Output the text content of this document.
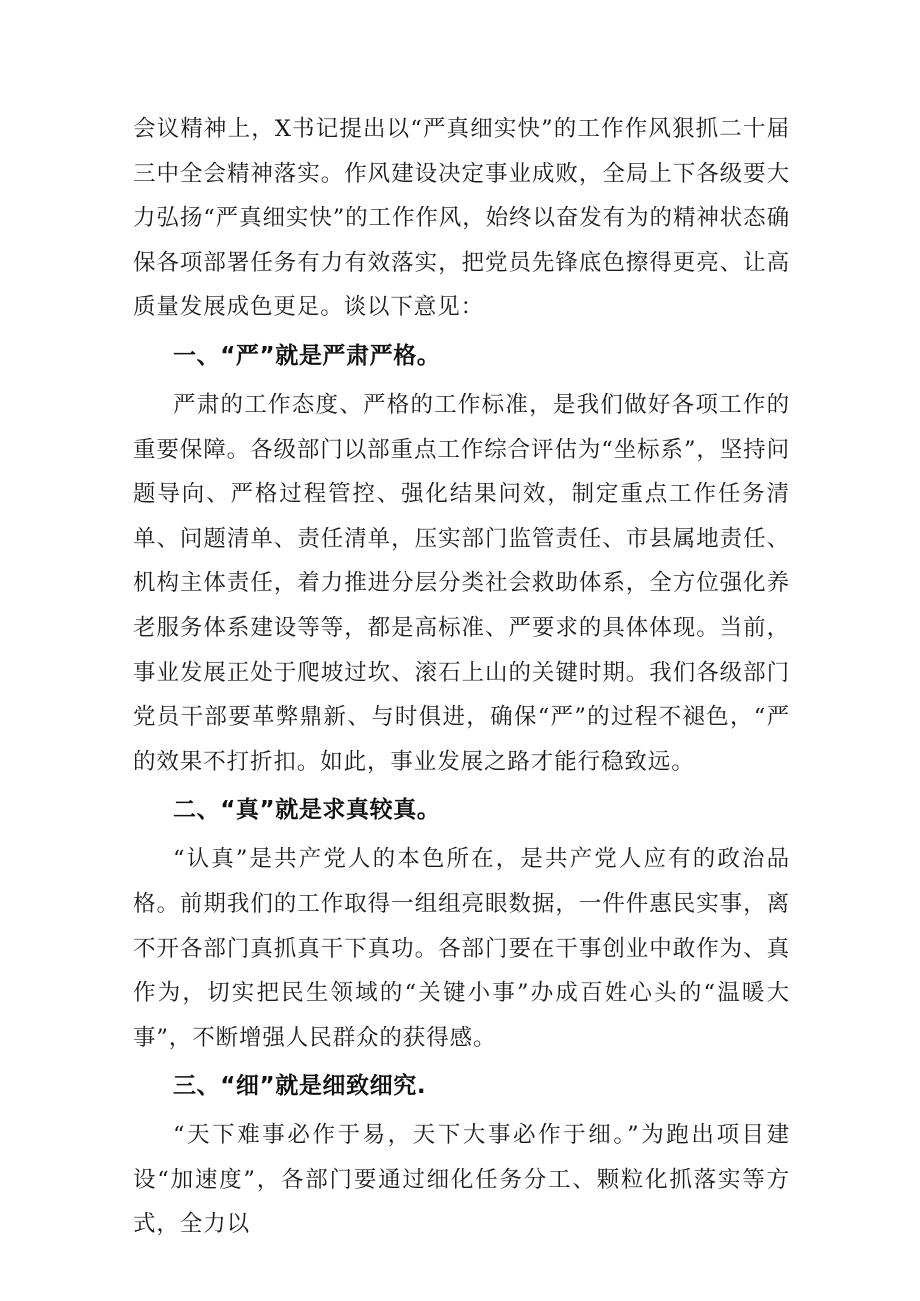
会议精神上，X书记提出以“严真细实快”的工作作风狠抓二十届三中全会精神落实。作风建设决定事业成败，全局上下各级要大力弘扬“严真细实快”的工作作风，始终以奋发有为的精神状态确保各项部署任务有力有效落实，把党员先锋底色擦得更亮、让高质量发展成色更足。谈以下意见：

一、“严”就是严肃严格。

严肃的工作态度、严格的工作标准，是我们做好各项工作的重要保障。各级部门以部重点工作综合评估为“坐标系”，坚持问题导向、严格过程管控、强化结果问效，制定重点工作任务清单、问题清单、责任清单，压实部门监管责任、市县属地责任、机构主体责任，着力推进分层分类社会救助体系，全方位强化养老服务体系建设等等，都是高标准、严要求的具体体现。当前，事业发展正处于爬坡过坎、滚石上山的关键时期。我们各级部门党员干部要革弊鼎新、与时俱进，确保“严”的过程不褪色，“严的效果不打折扣。如此，事业发展之路才能行稳致远。

二、“真”就是求真较真。

“认真”是共产党人的本色所在，是共产党人应有的政治品格。前期我们的工作取得一组组亮眼数据，一件件惠民实事，离不开各部门真抓真干下真功。各部门要在干事创业中敢作为、真作为，切实把民生领域的“关键小事”办成百姓心头的“温暖大事”，不断增强人民群众的获得感。

三、“细”就是细致细究.

“天下难事必作于易，天下大事必作于细。”为跑出项目建设“加速度”，各部门要通过细化任务分工、颗粒化抓落实等方式，全力以
